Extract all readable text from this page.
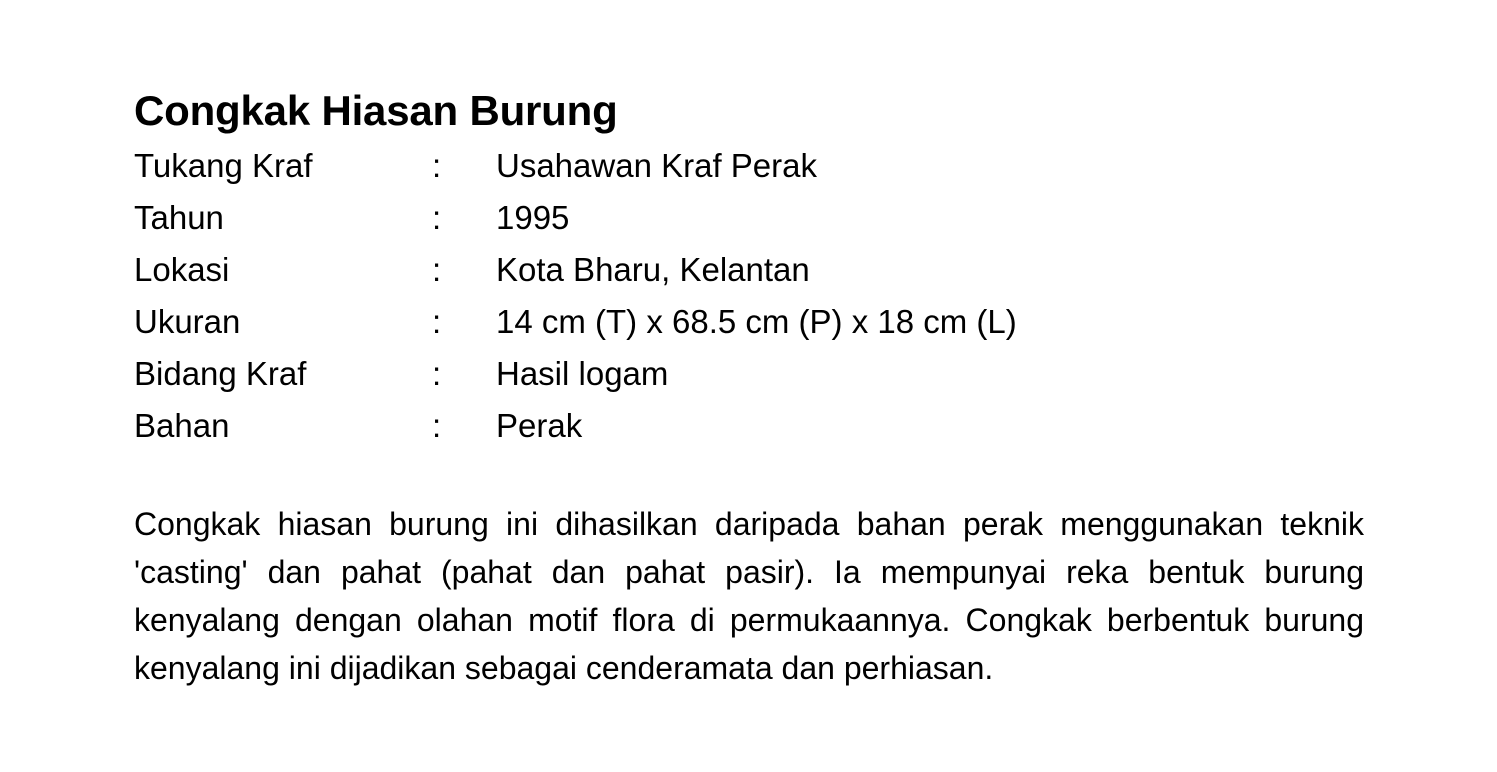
Congkak Hiasan Burung
Tukang Kraf	:	Usahawan Kraf Perak
Tahun	:	1995
Lokasi	:	Kota Bharu, Kelantan
Ukuran	:	14 cm (T) x 68.5 cm (P) x 18 cm (L)
Bidang Kraf	:	Hasil logam
Bahan	:	Perak

Congkak hiasan burung ini dihasilkan daripada bahan perak menggunakan teknik 'casting' dan pahat (pahat dan pahat pasir). Ia mempunyai reka bentuk burung kenyalang dengan olahan motif flora di permukaannya. Congkak berbentuk burung kenyalang ini dijadikan sebagai cenderamata dan perhiasan.
